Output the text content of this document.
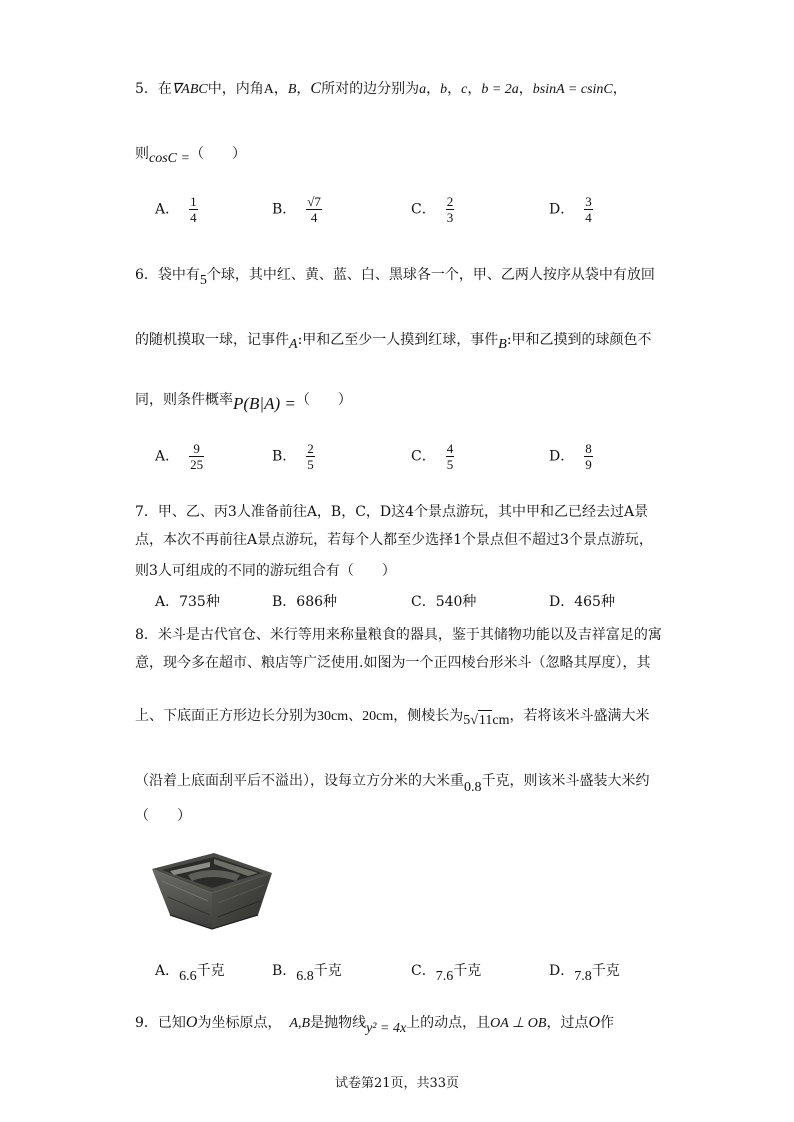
5．在∇ABC中，内角A，B，C所对的边分别为a，b，c，b = 2a，bsinA = csinC，
则cosC =（　　）
A． $\frac{1}{4}$	B． $\frac{√7}{4}$	C． $\frac{2}{3}$	D． $\frac{3}{4}$
6．袋中有5个球，其中红、黄、蓝、白、黑球各一个，甲、乙两人按序从袋中有放回
的随机摸取一球，记事件A:甲和乙至少一人摸到红球，事件B:甲和乙摸到的球颜色不
同，则条件概率P(B|A) =（　　）
A． $\frac{9}{25}$	B． $\frac{2}{5}$	C． $\frac{4}{5}$	D． $\frac{8}{9}$
7．甲、乙、丙3人准备前往A，B，C，D这4个景点游玩，其中甲和乙已经去过A景
点，本次不再前往A景点游玩，若每个人都至少选择1个景点但不超过3个景点游玩，
则3人可组成的不同的游玩组合有（　　）
A．735种	B．686种	C．540种	D．465种
8．米斗是古代官仓、米行等用来称量粮食的器具，鉴于其储物功能以及吉祥富足的寓
意，现今多在超市、粮店等广泛使用.如图为一个正四棱台形米斗（忽略其厚度），其
上、下底面正方形边长分别为30cm、20cm，侧棱长为5√11cm，若将该米斗盛满大米
（沿着上底面刮平后不溢出），设每立方分米的大米重0.8千克，则该米斗盛装大米约
（　　）
A．6.6千克	B．6.8千克	C．7.6千克	D．7.8千克
9．已知O为坐标原点， A,B是抛物线y² = 4x上的动点，且OA ⊥ OB，过点O作
试卷第21页，共33页
